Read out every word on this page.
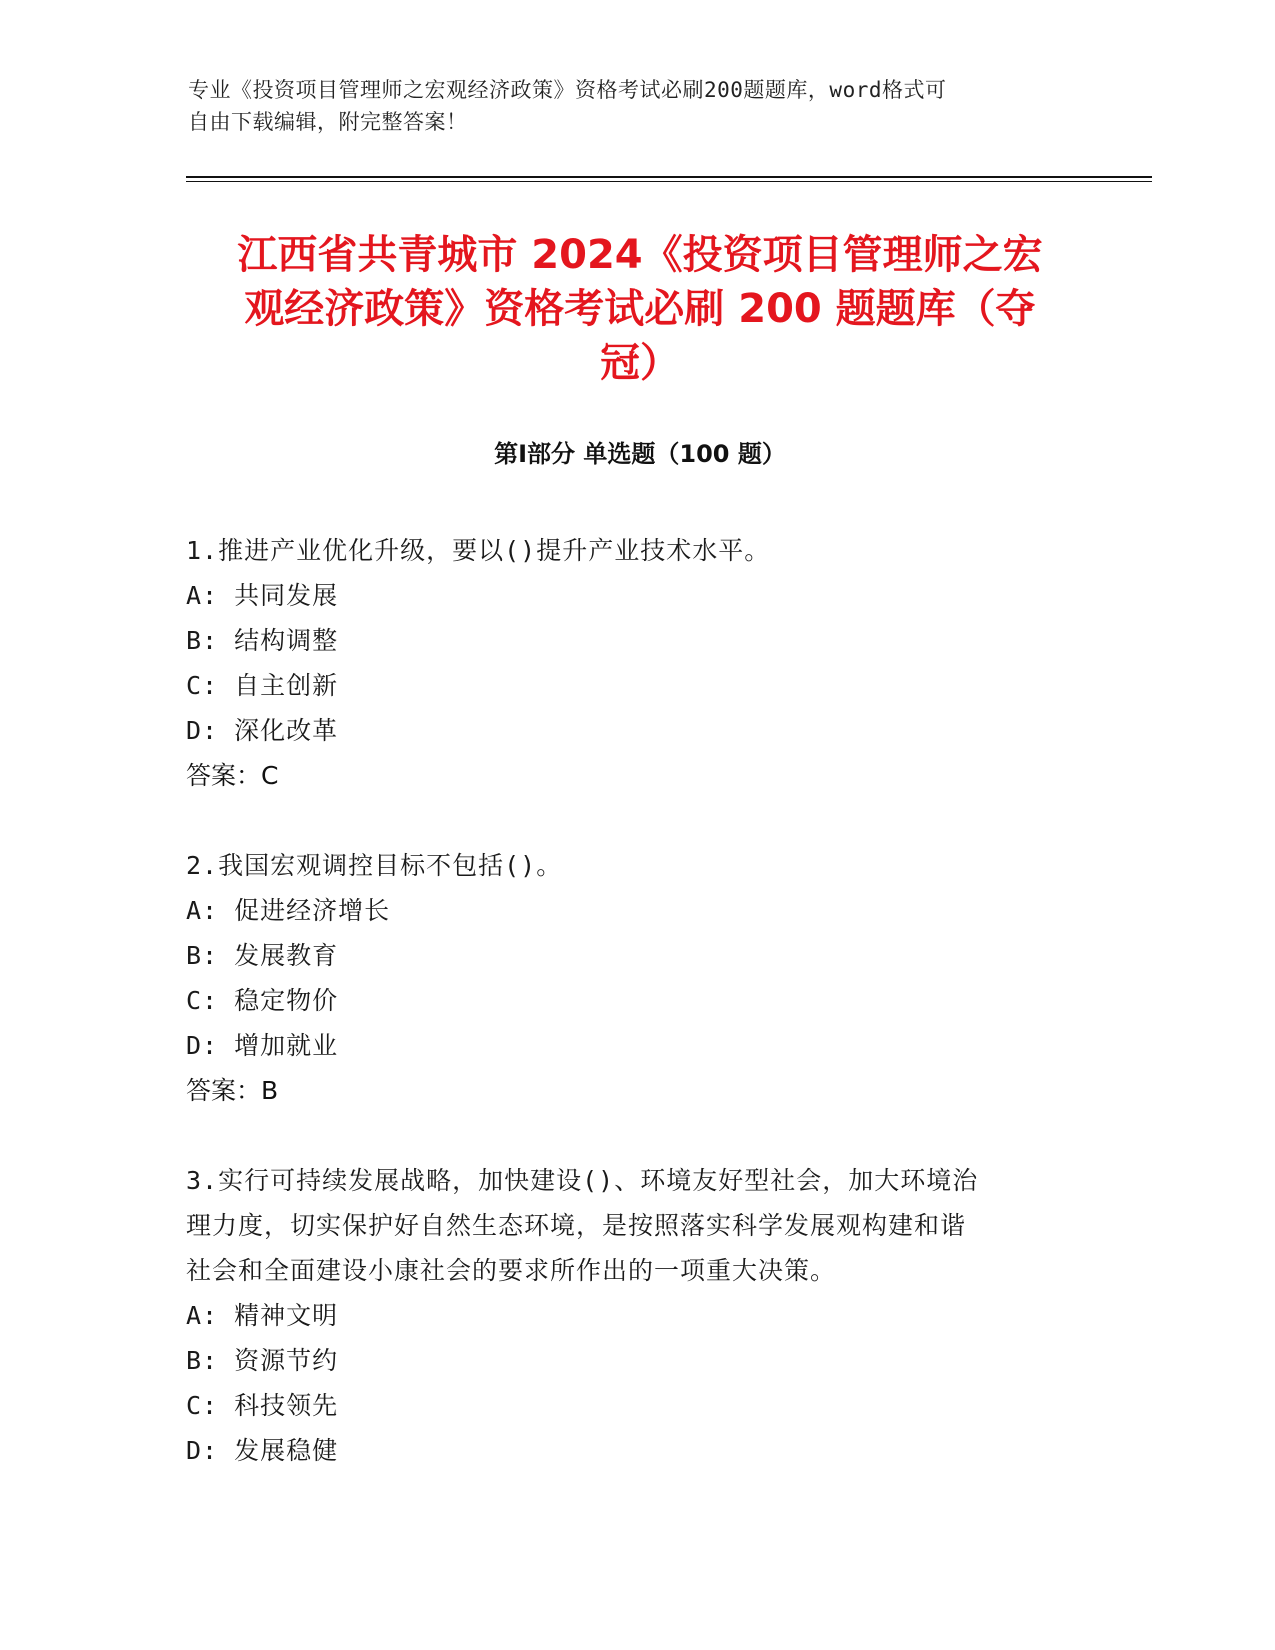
专业《投资项目管理师之宏观经济政策》资格考试必刷200题题库，word格式可
自由下载编辑，附完整答案！
江西省共青城市 2024《投资项目管理师之宏
观经济政策》资格考试必刷 200 题题库（夺
冠）
第Ⅰ部分 单选题（100 题）

1.推进产业优化升级，要以()提升产业技术水平。

A: 共同发展

B: 结构调整

C: 自主创新

D: 深化改革

答案：C

2.我国宏观调控目标不包括()。

A: 促进经济增长

B: 发展教育

C: 稳定物价

D: 增加就业

答案：B

3.实行可持续发展战略，加快建设()、环境友好型社会，加大环境治

理力度，切实保护好自然生态环境，是按照落实科学发展观构建和谐

社会和全面建设小康社会的要求所作出的一项重大决策。

A: 精神文明

B: 资源节约

C: 科技领先

D: 发展稳健
